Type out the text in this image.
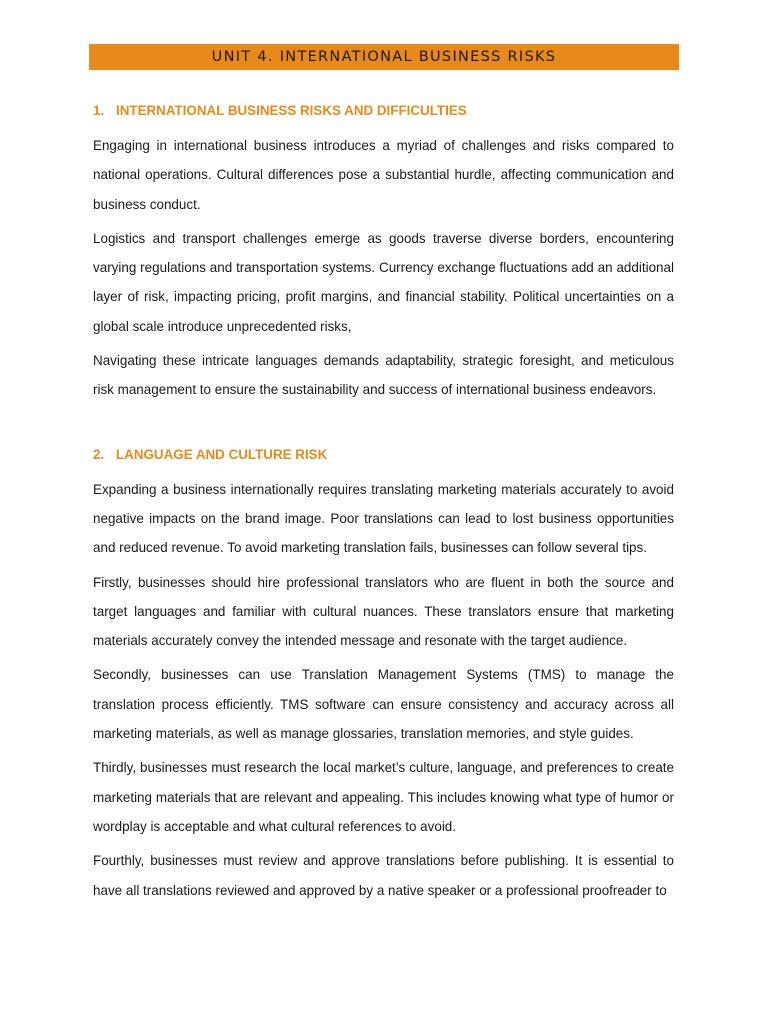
UNIT 4. INTERNATIONAL BUSINESS RISKS
1. INTERNATIONAL BUSINESS RISKS AND DIFFICULTIES

Engaging in international business introduces a myriad of challenges and risks compared to national operations. Cultural differences pose a substantial hurdle, affecting communication and business conduct.

Logistics and transport challenges emerge as goods traverse diverse borders, encountering varying regulations and transportation systems. Currency exchange fluctuations add an additional layer of risk, impacting pricing, profit margins, and financial stability. Political uncertainties on a global scale introduce unprecedented risks,

Navigating these intricate languages demands adaptability, strategic foresight, and meticulous risk management to ensure the sustainability and success of international business endeavors.

2. LANGUAGE AND CULTURE RISK

Expanding a business internationally requires translating marketing materials accurately to avoid negative impacts on the brand image. Poor translations can lead to lost business opportunities and reduced revenue. To avoid marketing translation fails, businesses can follow several tips.

Firstly, businesses should hire professional translators who are fluent in both the source and target languages and familiar with cultural nuances. These translators ensure that marketing materials accurately convey the intended message and resonate with the target audience.

Secondly, businesses can use Translation Management Systems (TMS) to manage the translation process efficiently. TMS software can ensure consistency and accuracy across all marketing materials, as well as manage glossaries, translation memories, and style guides.

Thirdly, businesses must research the local market’s culture, language, and preferences to create marketing materials that are relevant and appealing. This includes knowing what type of humor or wordplay is acceptable and what cultural references to avoid.

Fourthly, businesses must review and approve translations before publishing. It is essential to have all translations reviewed and approved by a native speaker or a professional proofreader to
